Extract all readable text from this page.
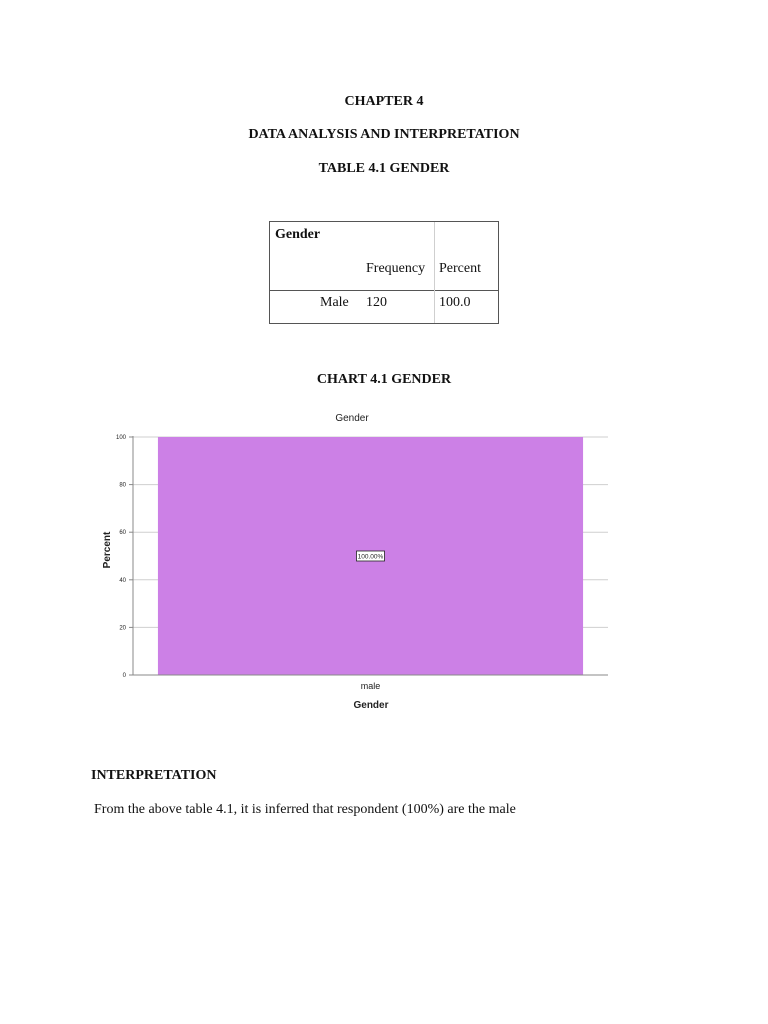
CHAPTER 4
DATA ANALYSIS AND INTERPRETATION
TABLE 4.1 GENDER
Gender
Frequency Percent
Male 120	100.0
CHART 4.1 GENDER
Gender
0
20
40
60
80
100
100.00%
male
Gender
Percent
INTERPRETATION

From the above table 4.1, it is inferred that respondent (100%) are the male
